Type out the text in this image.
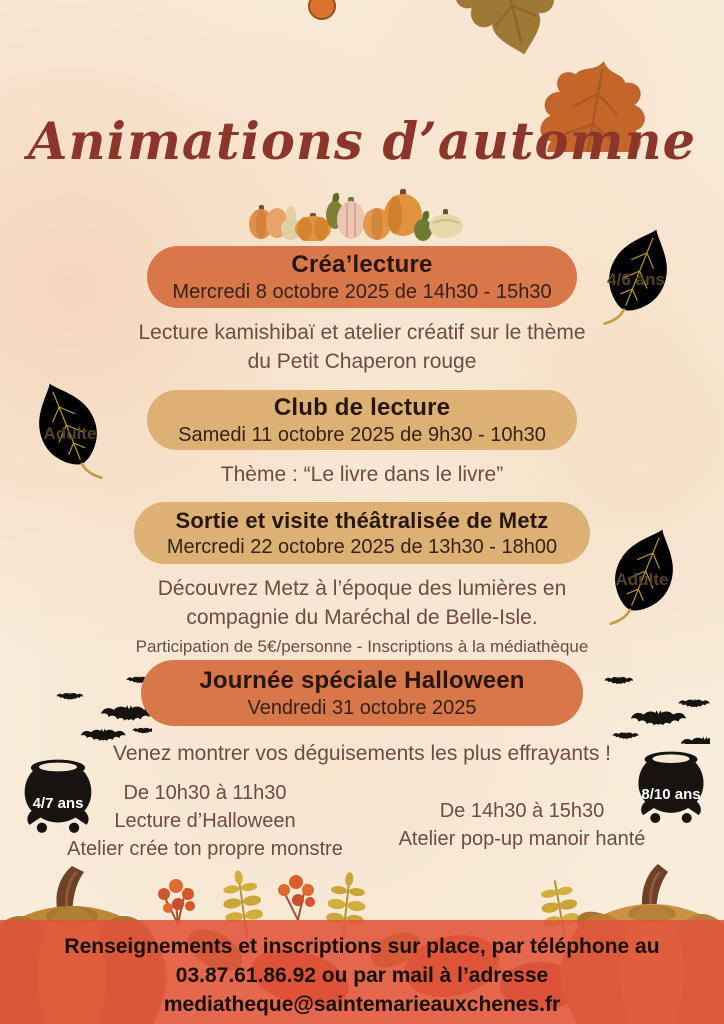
Animations d’automne
Créa’lecture

Mercredi 8 octobre 2025 de 14h30 - 15h30

Lecture kamishibaï et atelier créatif sur le thème du Petit Chaperon rouge

4/6 ans
Club de lecture

Samedi 11 octobre 2025 de 9h30 - 10h30

Thème : “Le livre dans le livre”

Adulte
Sortie et visite théâtralisée de Metz

Mercredi 22 octobre 2025 de 13h30 - 18h00

Découvrez Metz à l’époque des lumières en compagnie du Maréchal de Belle-Isle.

Participation de 5€/personne - Inscriptions à la médiathèque

Adulte
Journée spéciale Halloween

Vendredi 31 octobre 2025

Venez montrer vos déguisements les plus effrayants !

4/7 ans	De 10h30 à 11h30
Lecture d’Halloween
Atelier crée ton propre monstre
8/10 ans
De 14h30 à 15h30
Atelier pop-up manoir hanté
Renseignements et inscriptions sur place, par téléphone au
03.87.61.86.92 ou par mail à l’adresse
mediatheque@saintemarieauxchenes.fr
